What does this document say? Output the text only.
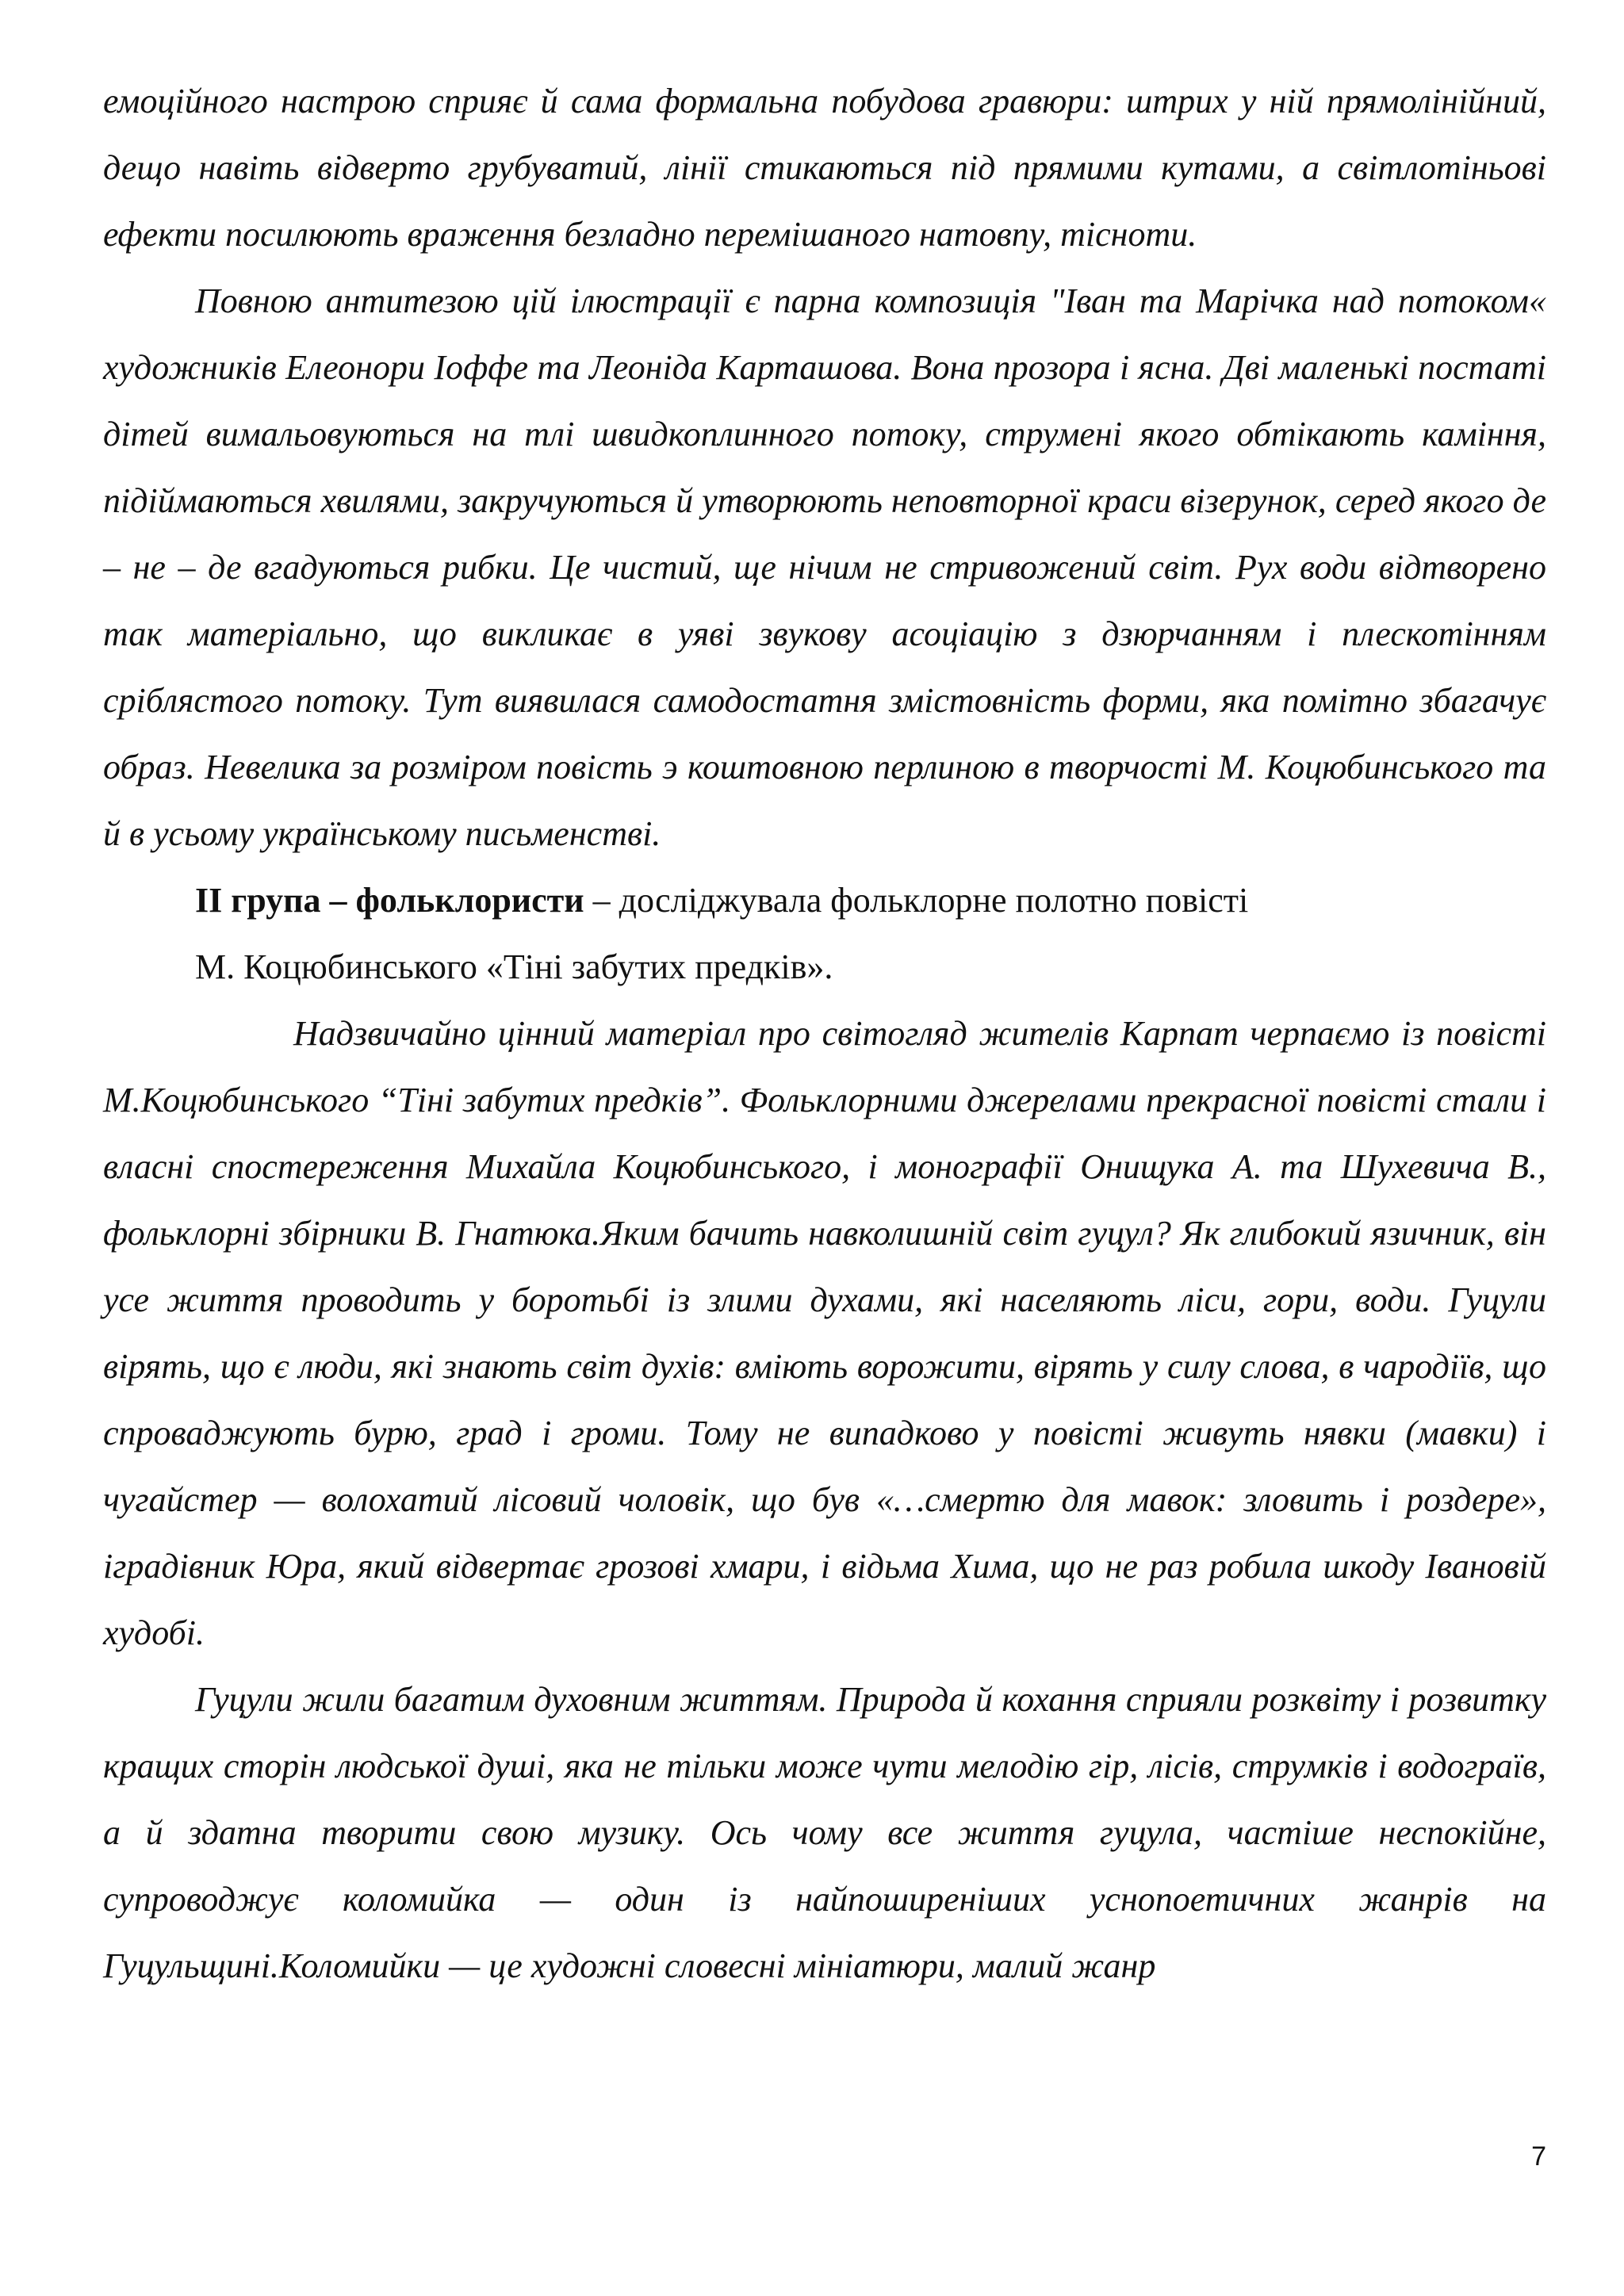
емоційного настрою сприяє й сама формальна побудова гравюри: штрих у ній прямолінійний, дещо навіть відверто грубуватий, лінії стикаються під прямими кутами, а світлотіньові ефекти посилюють враження безладно перемішаного натовпу, тісноти.

Повною антитезою цій ілюстрації є парна композиція "Іван та Марічка над потоком« художників Елеонори Іоффе та Леоніда Карташова. Вона прозора і ясна. Дві маленькі постаті дітей вимальовуються на тлі швидкоплинного потоку, струмені якого обтікають каміння, підіймаються хвилями, закручуються й утворюють неповторної краси візерунок, серед якого де – не – де вгадуються рибки. Це чистий, ще нічим не стривожений світ. Рух води відтворено так матеріально, що викликає в уяві звукову асоціацію з дзюрчанням і плескотінням сріблястого потоку. Тут виявилася самодостатня змістовність форми, яка помітно збагачує образ. Невелика за розміром повість э коштовною перлиною в творчості М. Коцюбинського та й в усьому українському письменстві.

ІІ група – фольклористи – досліджувала фольклорне полотно повісті
М. Коцюбинського «Тіні забутих предків».

Надзвичайно цінний матеріал про світогляд жителів Карпат черпаємо із повісті М.Коцюбинського “Тіні забутих предків”. Фольклорними джерелами прекрасної повісті стали і власні спостереження Михайла Коцюбинського, і монографії Онищука А. та Шухевича В., фольклорні збірники В. Гнатюка.Яким бачить навколишній світ гуцул? Як глибокий язичник, він усе життя проводить у боротьбі із злими духами, які населяють ліси, гори, води. Гуцули вірять, що є люди, які знають світ духів: вміють ворожити, вірять у силу слова, в чародіїв, що спроваджують бурю, град і громи. Тому не випадково у повісті живуть нявки (мавки) і чугайстер — волохатий лісовий чоловік, що був «…смертю для мавок: зловить і роздере», іградівник Юра, який відвертає грозові хмари, і відьма Хима, що не раз робила шкоду Івановій худобі.

Гуцули жили багатим духовним життям. Природа й кохання сприяли розквіту і розвитку кращих сторін людської душі, яка не тільки може чути мелодію гір, лісів, струмків і водограїв, а й здатна творити свою музику. Ось чому все життя гуцула, частіше неспокійне, супроводжує коломийка — один із найпоширеніших уснопоетичних жанрів на Гуцульщині.Коломийки — це художні словесні мініатюри, малий жанр

7
